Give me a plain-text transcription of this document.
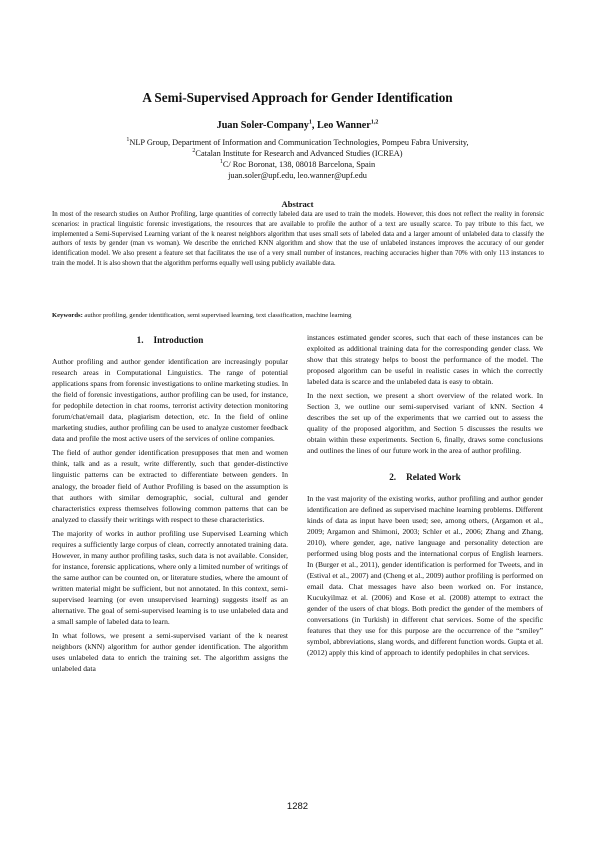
A Semi-Supervised Approach for Gender Identification
Juan Soler-Company$^1$, Leo Wanner$^{1,2}$
$^1$NLP Group, Department of Information and Communication Technologies, Pompeu Fabra University,
$^2$Catalan Institute for Research and Advanced Studies (ICREA)
$^1$C/ Roc Boronat, 138, 08018 Barcelona, Spain
juan.soler@upf.edu, leo.wanner@upf.edu
Abstract
In most of the research studies on Author Profiling, large quantities of correctly labeled data are used to train the models. However, this does not reflect the reality in forensic scenarios: in practical linguistic forensic investigations, the resources that are available to profile the author of a text are usually scarce. To pay tribute to this fact, we implemented a Semi-Supervised Learning variant of the k nearest neighbors algorithm that uses small sets of labeled data and a larger amount of unlabeled data to classify the authors of texts by gender (man vs woman). We describe the enriched KNN algorithm and show that the use of unlabeled instances improves the accuracy of our gender identification model. We also present a feature set that facilitates the use of a very small number of instances, reaching accuracies higher than 70% with only 113 instances to train the model. It is also shown that the algorithm performs equally well using publicly available data.
Keywords: author profiling, gender identification, semi supervised learning, text classification, machine learning
1. Introduction

Author profiling and author gender identification are increasingly popular research areas in Computational Linguistics. The range of potential applications spans from forensic investigations to online marketing studies. In the field of forensic investigations, author profiling can be used, for instance, for pedophile detection in chat rooms, terrorist activity detection monitoring forum/chat/email data, plagiarism detection, etc. In the field of online marketing studies, author profiling can be used to analyze customer feedback data and profile the most active users of the services of online companies.

The field of author gender identification presupposes that men and women think, talk and as a result, write differently, such that gender-distinctive linguistic patterns can be extracted to differentiate between genders. In analogy, the broader field of Author Profiling is based on the assumption is that authors with similar demographic, social, cultural and gender characteristics express themselves following common patterns that can be analyzed to classify their writings with respect to these characteristics.

The majority of works in author profiling use Supervised Learning which requires a sufficiently large corpus of clean, correctly annotated training data. However, in many author profiling tasks, such data is not available. Consider, for instance, forensic applications, where only a limited number of writings of the same author can be counted on, or literature studies, where the amount of written material might be sufficient, but not annotated. In this context, semi-supervised learning (or even unsupervised learning) suggests itself as an alternative. The goal of semi-supervised learning is to use unlabeled data and a small sample of labeled data to learn.

In what follows, we present a semi-supervised variant of the k nearest neighbors (kNN) algorithm for author gender identification. The algorithm uses unlabeled data to enrich the training set. The algorithm assigns the unlabeled data

instances estimated gender scores, such that each of these instances can be exploited as additional training data for the corresponding gender class. We show that this strategy helps to boost the performance of the model. The proposed algorithm can be useful in realistic cases in which the correctly labeled data is scarce and the unlabeled data is easy to obtain.

In the next section, we present a short overview of the related work. In Section 3, we outline our semi-supervised variant of kNN. Section 4 describes the set up of the experiments that we carried out to assess the quality of the proposed algorithm, and Section 5 discusses the results we obtain within these experiments. Section 6, finally, draws some conclusions and outlines the lines of our future work in the area of author profiling.

2. Related Work

In the vast majority of the existing works, author profiling and author gender identification are defined as supervised machine learning problems. Different kinds of data as input have been used; see, among others, (Argamon et al., 2009; Argamon and Shimoni, 2003; Schler et al., 2006; Zhang and Zhang, 2010), where gender, age, native language and personality detection are performed using blog posts and the international corpus of English learners. In (Burger et al., 2011), gender identification is performed for Tweets, and in (Estival et al., 2007) and (Cheng et al., 2009) author profiling is performed on email data. Chat messages have also been worked on. For instance, Kucukyilmaz et al. (2006) and Kose et al. (2008) attempt to extract the gender of the users of chat blogs. Both predict the gender of the members of conversations (in Turkish) in different chat services. Some of the specific features that they use for this purpose are the occurrence of the “smiley” symbol, abbreviations, slang words, and different function words. Gupta et al. (2012) apply this kind of approach to identify pedophiles in chat services.

1282
